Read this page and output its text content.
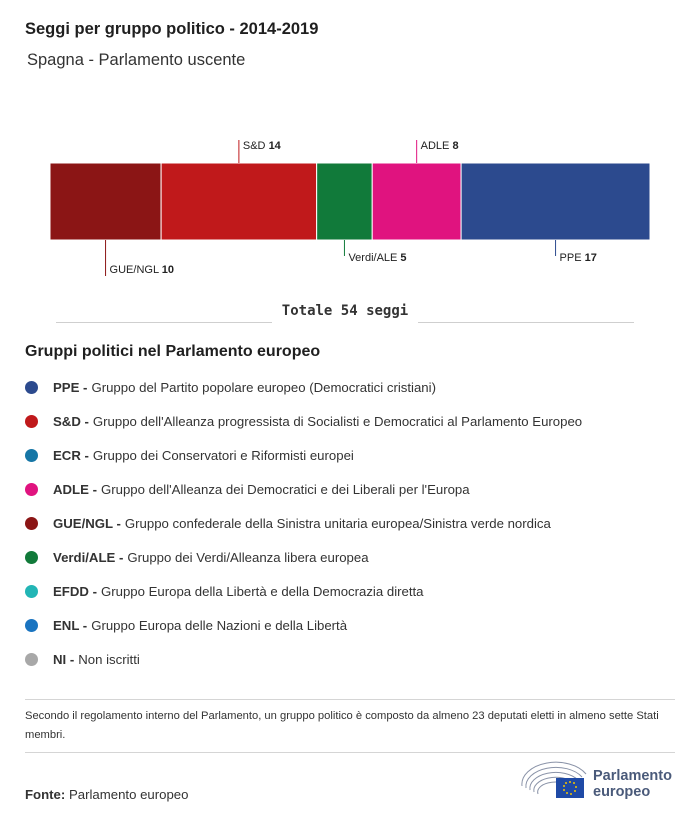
Seggi per gruppo politico - 2014-2019
Spagna - Parlamento uscente
GUE/NGL 10
S&D 14
Verdi/ALE 5
ADLE 8
PPE 17
Totale 54 seggi
Gruppi politici nel Parlamento europeo
PPE - Gruppo del Partito popolare europeo (Democratici cristiani)
S&D - Gruppo dell'Alleanza progressista di Socialisti e Democratici al Parlamento Europeo
ECR - Gruppo dei Conservatori e Riformisti europei
ADLE - Gruppo dell'Alleanza dei Democratici e dei Liberali per l'Europa
GUE/NGL - Gruppo confederale della Sinistra unitaria europea/Sinistra verde nordica
Verdi/ALE - Gruppo dei Verdi/Alleanza libera europea
EFDD - Gruppo Europa della Libertà e della Democrazia diretta
ENL - Gruppo Europa delle Nazioni e della Libertà
NI - Non iscritti
Secondo il regolamento interno del Parlamento, un gruppo politico è composto da almeno 23 deputati eletti in almeno sette Stati membri.
Fonte: Parlamento europeo
Parlamento
europeo
